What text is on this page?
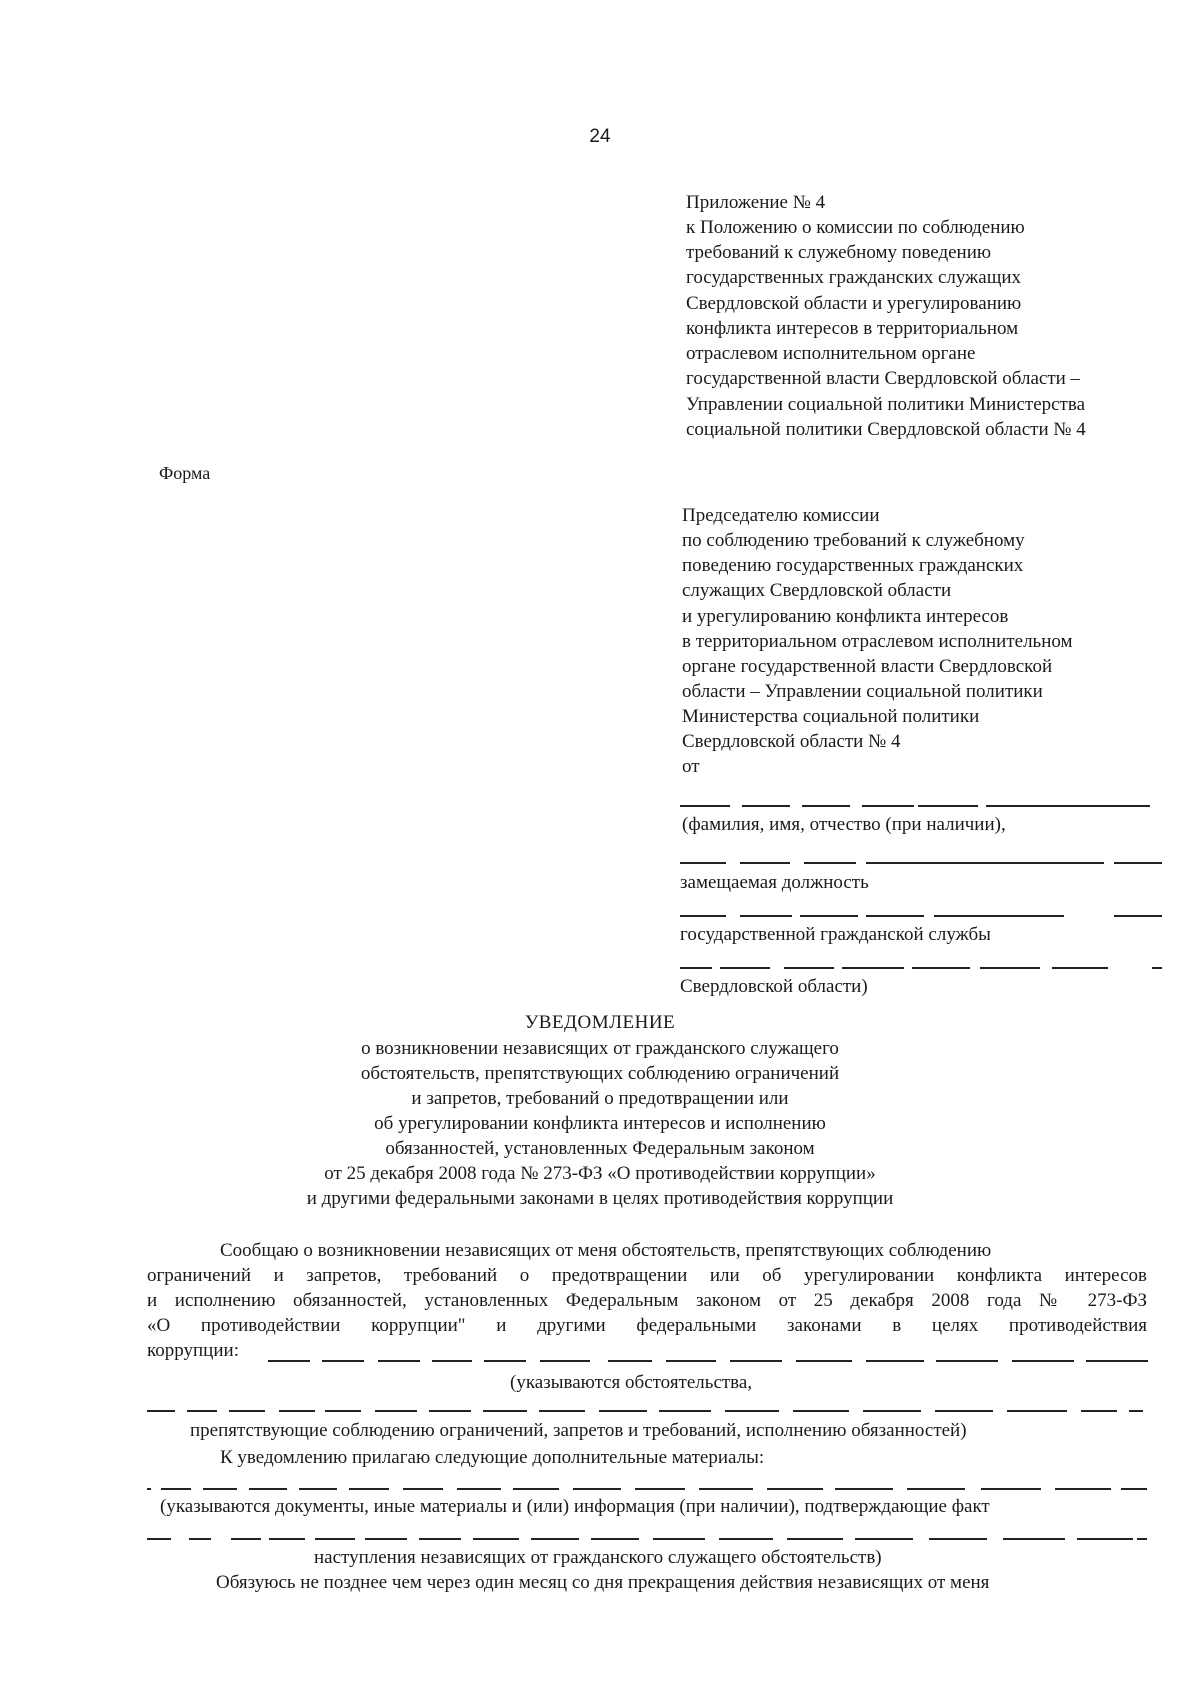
24
Приложение № 4
к Положению о комиссии по соблюдению
требований к служебному поведению
государственных гражданских служащих
Свердловской области и урегулированию
конфликта интересов в территориальном
отраслевом исполнительном органе
государственной власти Свердловской области –
Управлении социальной политики Министерства
социальной политики Свердловской области № 4
Форма
Председателю комиссии
по соблюдению требований к служебному
поведению государственных гражданских
служащих Свердловской области
и урегулированию конфликта интересов
в территориальном отраслевом исполнительном
органе государственной власти Свердловской
области – Управлении социальной политики
Министерства социальной политики
Свердловской области № 4
от
(фамилия, имя, отчество (при наличии),
замещаемая должность
государственной гражданской службы
Свердловской области)
УВЕДОМЛЕНИЕ
о возникновении независящих от гражданского служащего
обстоятельств, препятствующих соблюдению ограничений
и запретов, требований о предотвращении или
об урегулировании конфликта интересов и исполнению
обязанностей, установленных Федеральным законом
от 25 декабря 2008 года № 273-ФЗ «О противодействии коррупции»
и другими федеральными законами в целях противодействия коррупции
Сообщаю о возникновении независящих от меня обстоятельств, препятствующих соблюдению
ограничений и запретов, требований о предотвращении или об урегулировании конфликта интересов
и исполнению обязанностей, установленных Федеральным законом от 25 декабря 2008 года № 273-ФЗ
«О противодействии коррупции" и другими федеральными законами в целях противодействия
коррупции:
(указываются обстоятельства,
препятствующие соблюдению ограничений, запретов и требований, исполнению обязанностей)
К уведомлению прилагаю следующие дополнительные материалы:
(указываются документы, иные материалы и (или) информация (при наличии), подтверждающие факт
наступления независящих от гражданского служащего обстоятельств)
Обязуюсь не позднее чем через один месяц со дня прекращения действия независящих от меня
